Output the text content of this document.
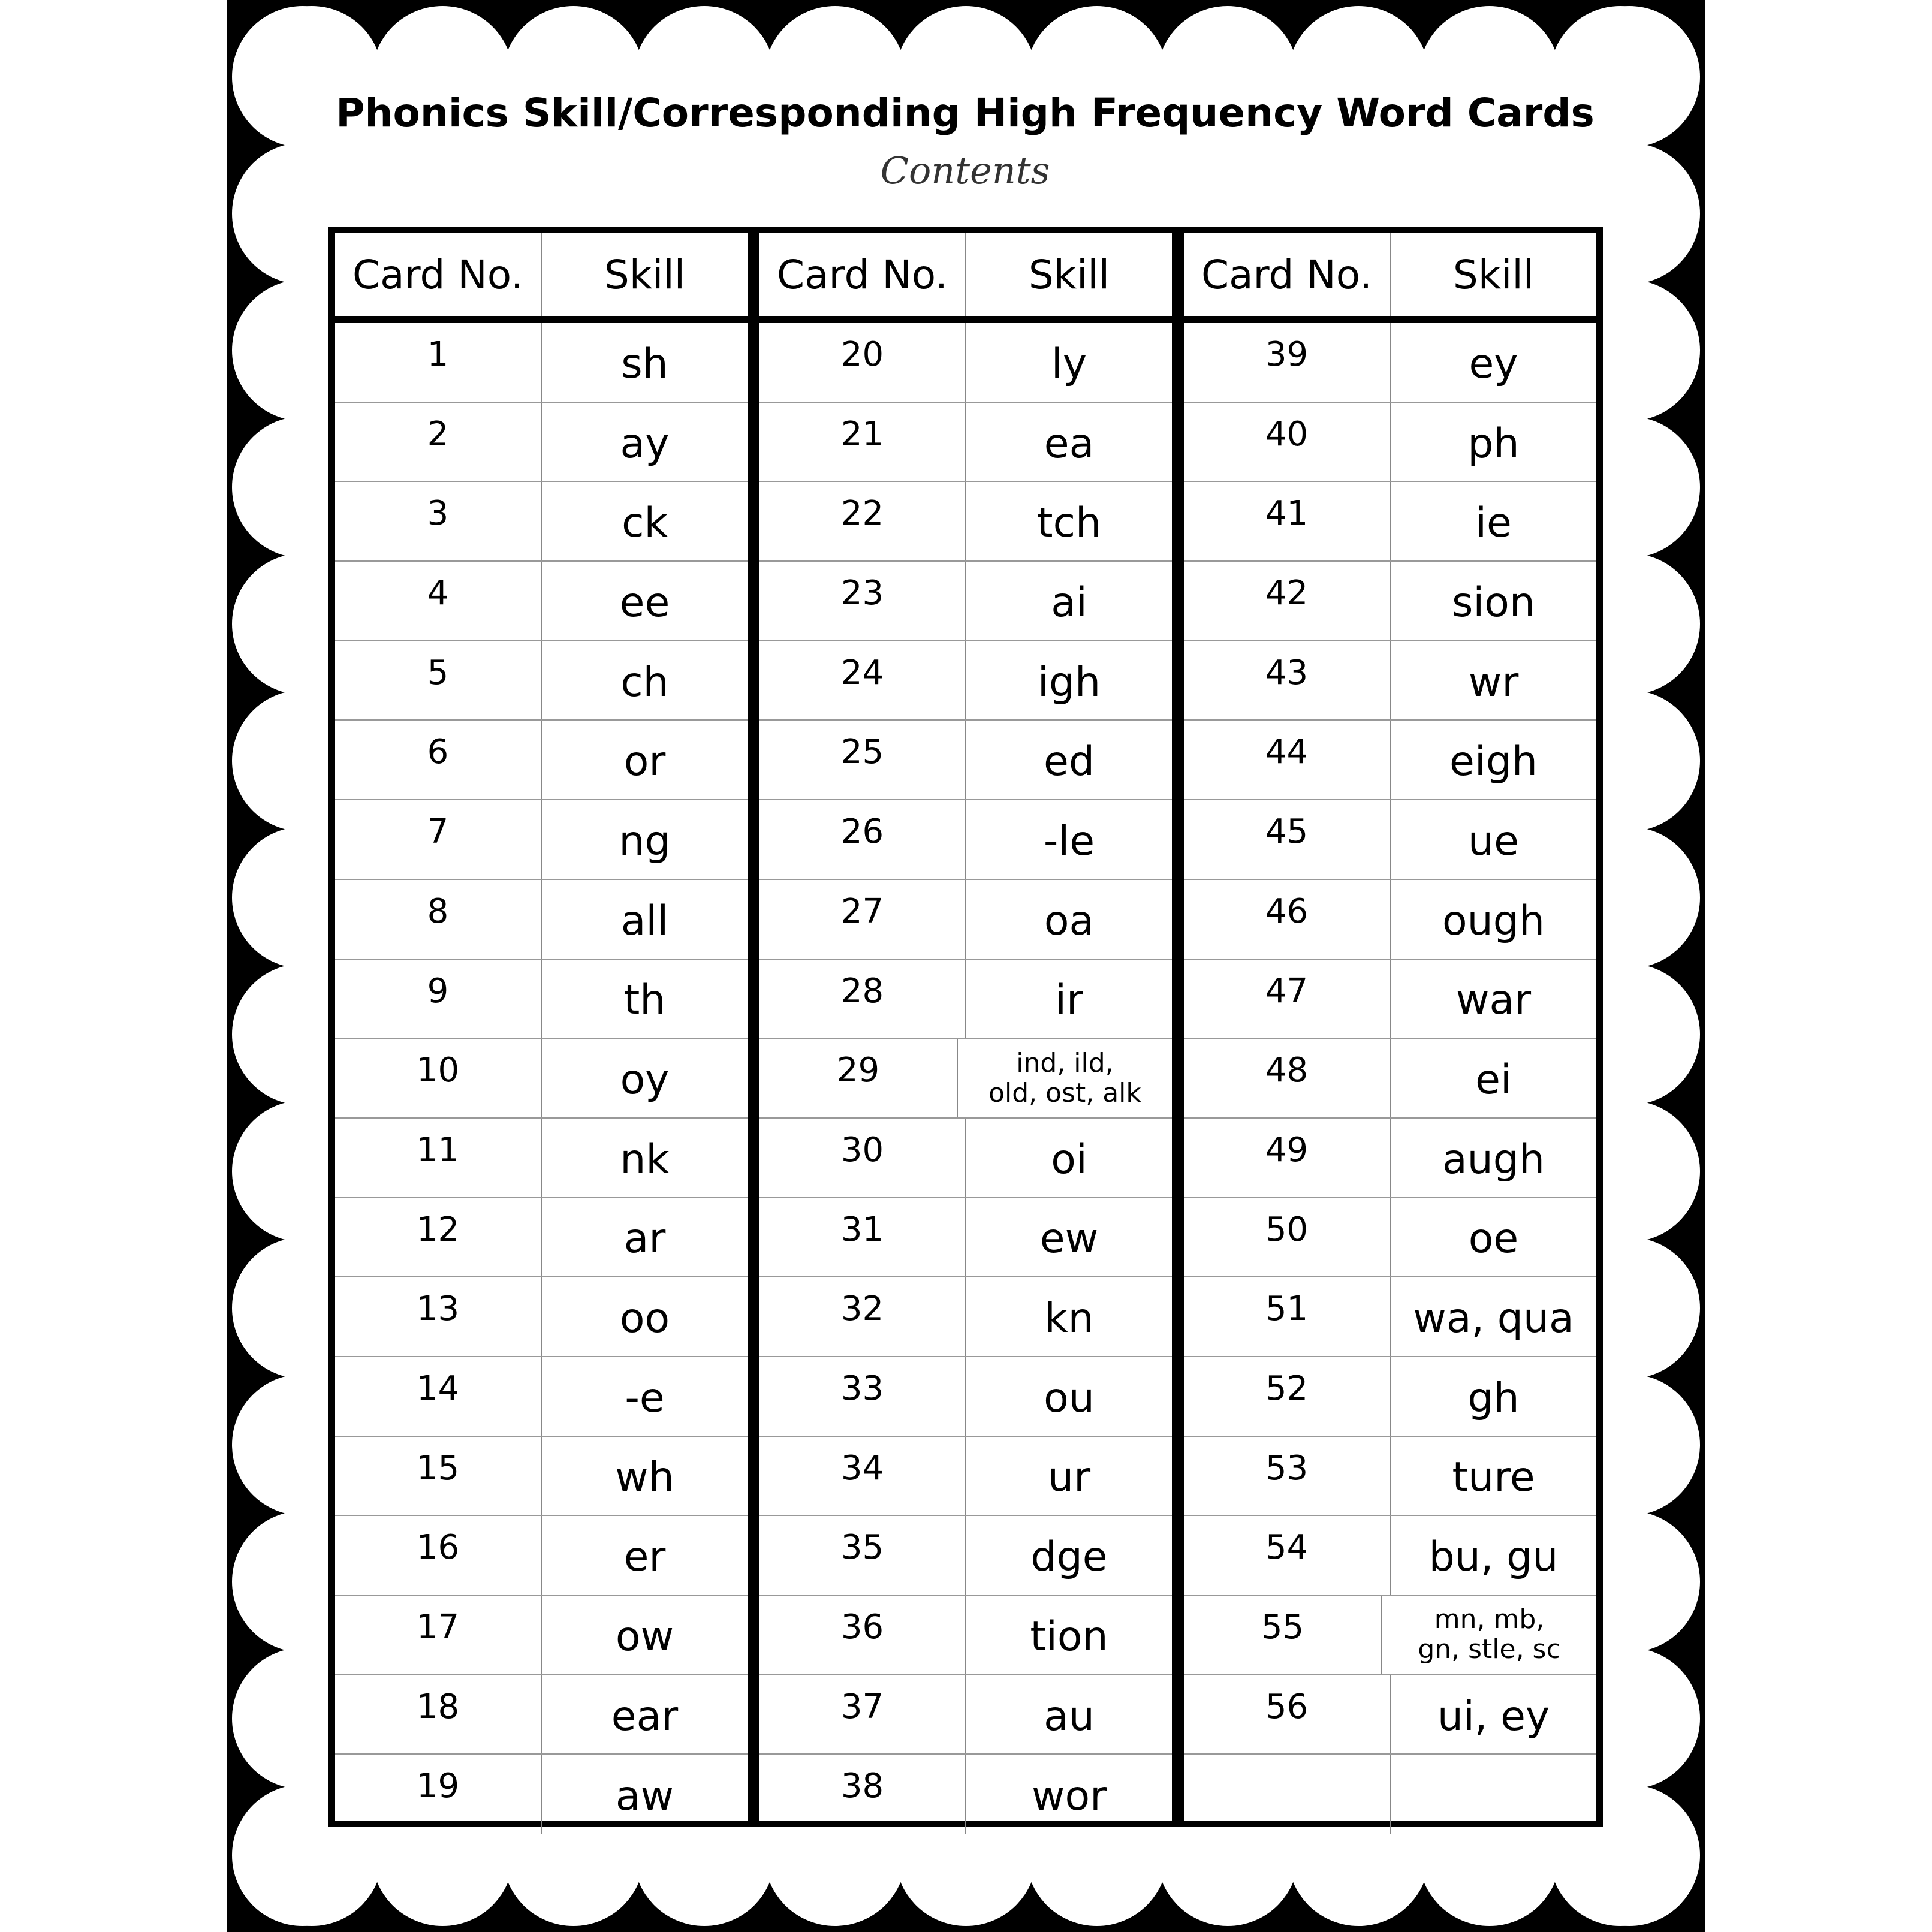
Phonics Skill/Corresponding High Frequency Word Cards
Contents
Card No.	Skill
1	sh
2	ay
3	ck
4	ee
5	ch
6	or
7	ng
8	all
9	th
10	oy
11	nk
12	ar
13	oo
14	-e
15	wh
16	er
17	ow
18	ear
19	aw
Card No.	Skill
20	ly
21	ea
22	tch
23	ai
24	igh
25	ed
26	-le
27	oa
28	ir
29	ind, ild,
old, ost, alk
30	oi
31	ew
32	kn
33	ou
34	ur
35	dge
36	tion
37	au
38	wor
Card No.	Skill
39	ey
40	ph
41	ie
42	sion
43	wr
44	eigh
45	ue
46	ough
47	war
48	ei
49	augh
50	oe
51	wa, qua
52	gh
53	ture
54	bu, gu
55	mn, mb,
gn, stle, sc
56	ui, ey
